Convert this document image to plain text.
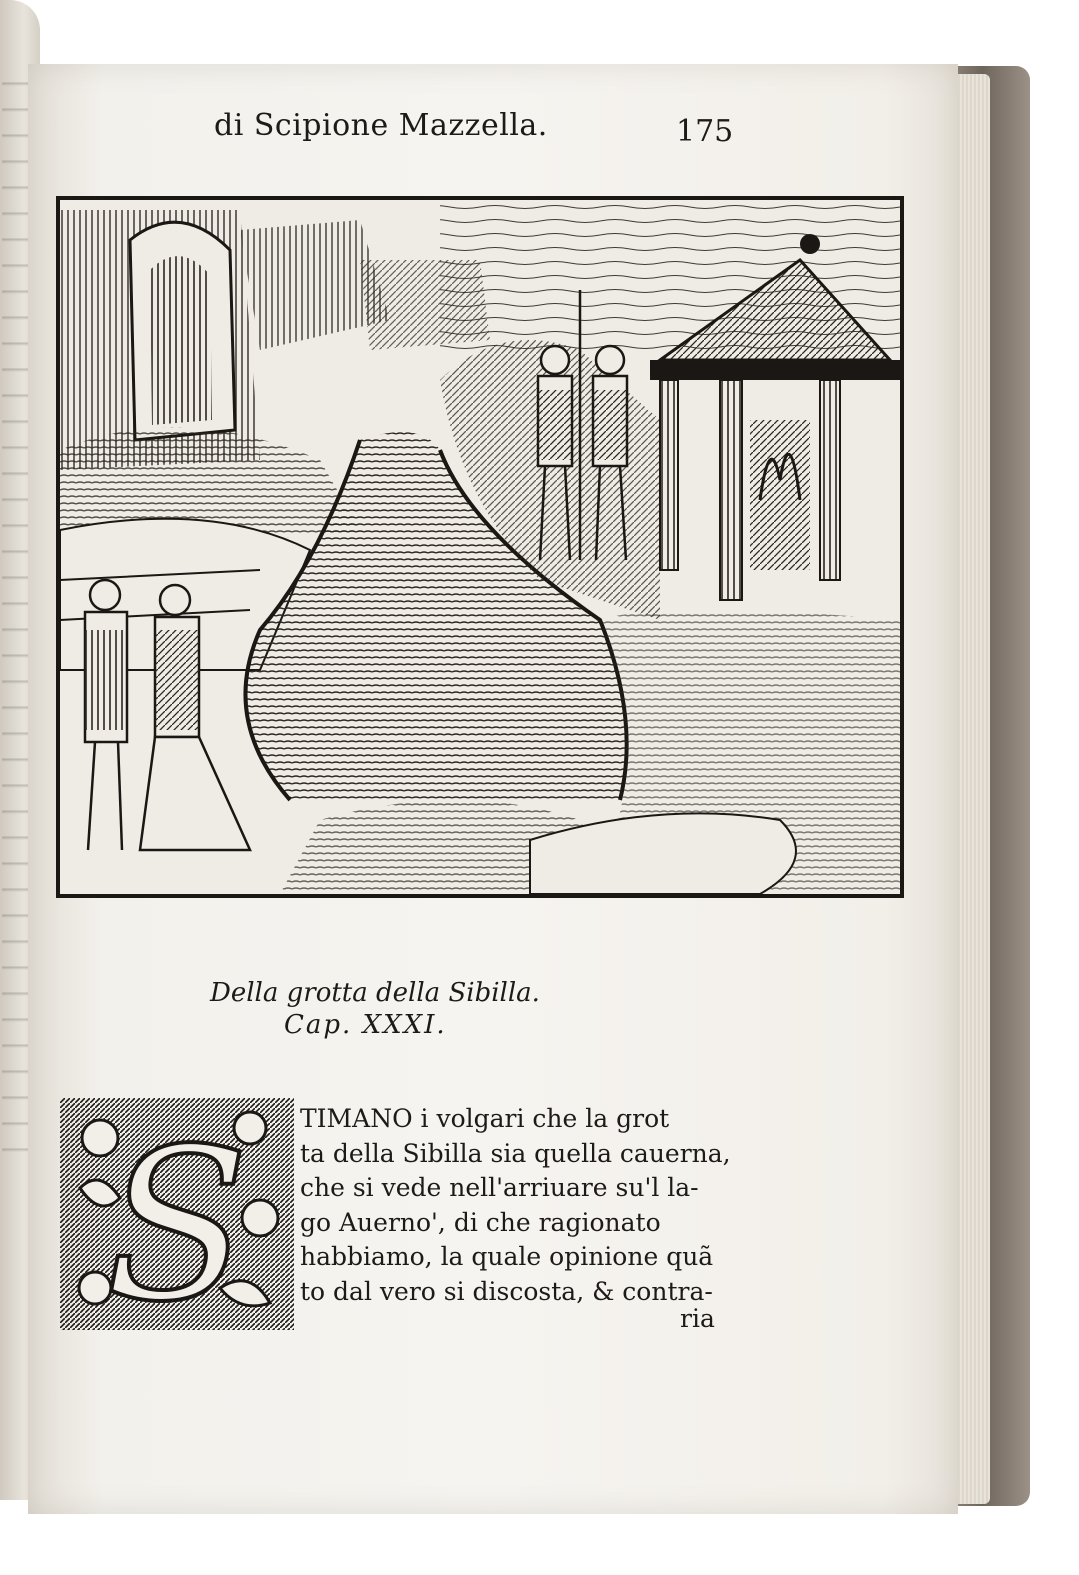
di Scipione Mazzella.	175
Della grotta della Sibilla.
Cap. XXXI.
S TIMANO i volgari che la grot
ta della Sibilla sia quella cauerna,
che si vede nell'arriuare su'l la-
go Auerno', di che ragionato
habbiamo, la quale opinione quã
to dal vero si discosta, & contra-
ria
